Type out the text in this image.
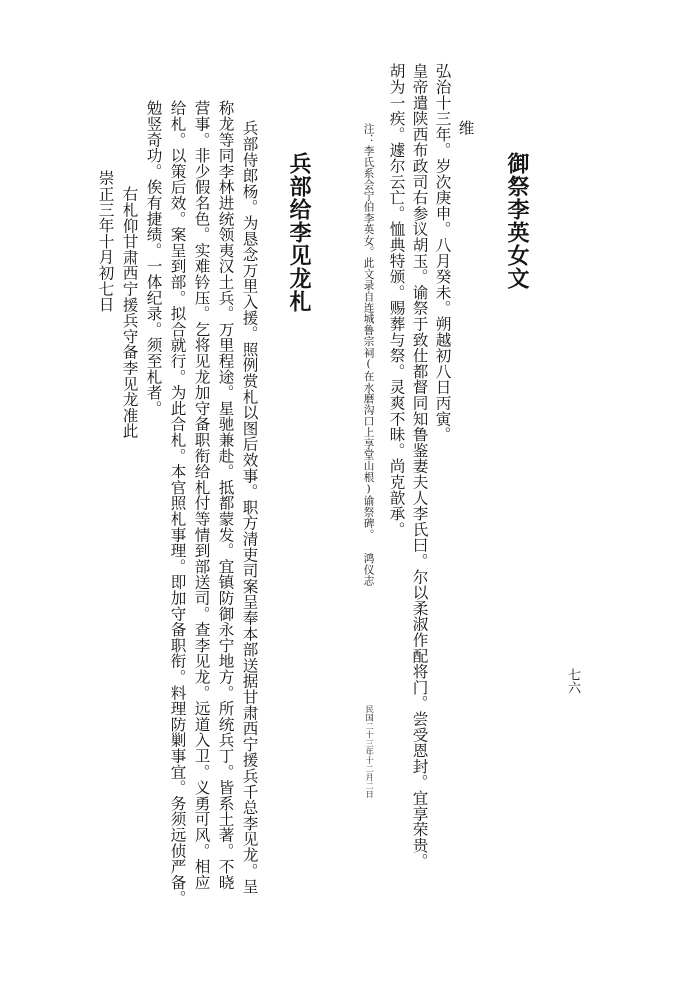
七六
御祭李英女文
维
弘治十三年。岁次庚申。八月癸未。朔越初八日丙寅。
皇帝遣陕西布政司右参议胡玉。谕祭于致仕都督同知鲁鉴妻夫人李氏曰。尔以柔淑作配将门。尝受恩封。宜享荣贵。
胡为一疾。遽尔云亡。恤典特颁。赐葬与祭。灵爽不昧。尚克歆承。
注：李氏系会宁伯李英女。此文录自连城鲁宗祠(在水磨沟口上享堂山根)谕祭碑。 鸿仪志
民国二十三年十二月二日
兵部给李见龙札
兵部侍郎杨。为恳念万里入援。照例赏札以图后效事。职方清吏司案呈奉本部送据甘肃西宁援兵千总李见龙。呈
称龙等同李林进统领夷汉土兵。万里程途。星驰兼赴。抵都蒙发。宜镇防御永宁地方。所统兵丁。皆系土著。不晓
营事。非少假名色。实难钤压。乞将见龙加守备职衔给札付等情到部送司。查李见龙。远道入卫。义勇可风。相应
给札。以策后效。案呈到部。拟合就行。为此合札。本官照札事理。即加守备职衔。料理防剿事宜。务须远侦严备。
勉竖奇功。俟有捷绩。一体纪录。须至札者。
右札仰甘肃西宁援兵守备李见龙准此
崇正三年十月初七日
